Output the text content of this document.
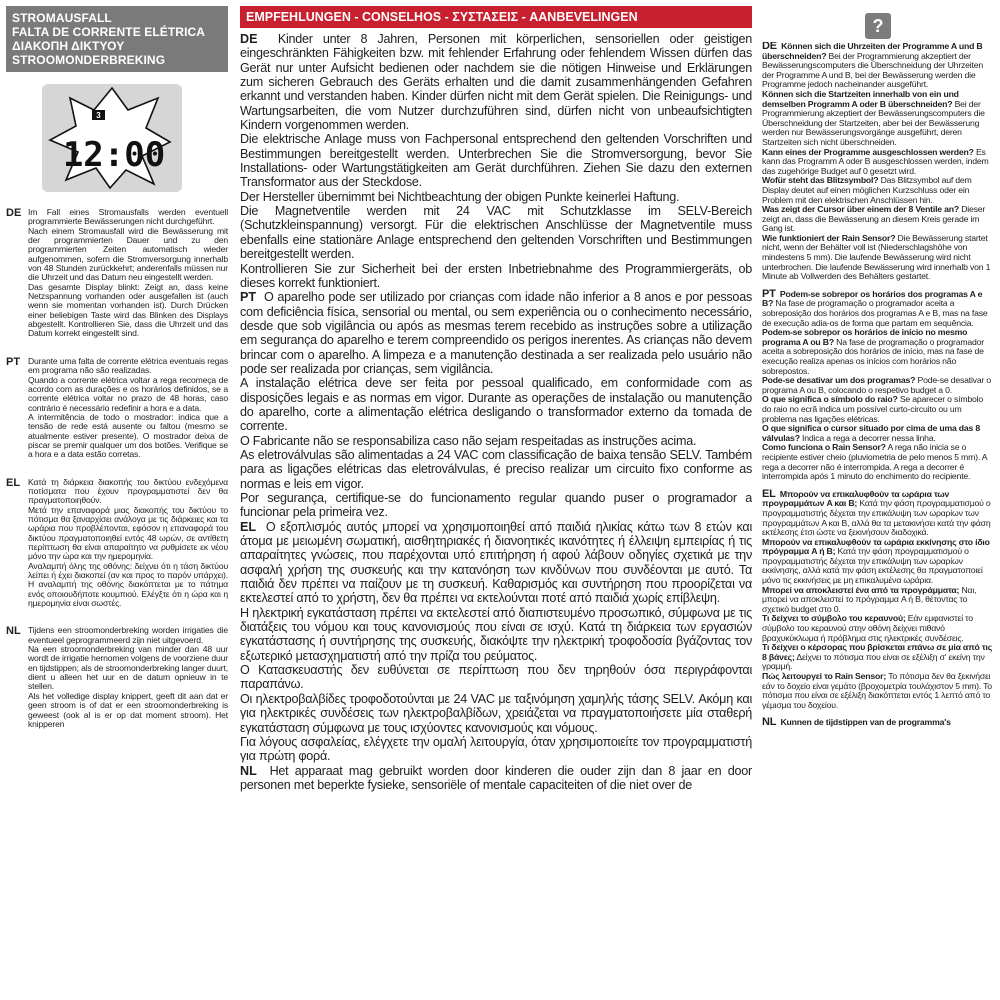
STROMAUSFALL
FALTA DE CORRENTE ELÉTRICA
ΔΙΑΚΟΠΗ ΔΙΚΤΥΟΥ
STROOMONDERBREKING
3
12:00
DE Im Fall eines Stromausfalls werden eventuell programmierte Bewässerungen nicht durchgeführt.

Nach einem Stromausfall wird die Bewässerung mit der programmierten Dauer und zu den programmierten Zeiten automatisch wieder aufgenommen, sofern die Stromversorgung innerhalb von 48 Stunden zurückkehrt; anderenfalls müssen nur die Uhrzeit und das Datum neu eingestellt werden.

Das gesamte Display blinkt: Zeigt an, dass keine Netzspannung vorhanden oder ausgefallen ist (auch wenn sie momentan vorhanden ist). Durch Drücken einer beliebigen Taste wird das Blinken des Displays abgestellt. Kontrollieren Sie, dass die Uhrzeit und das Datum korrekt eingestellt sind.

PT Durante uma falta de corrente elétrica eventuais regas em programa não são realizadas.

Quando a corrente elétrica voltar a rega recomeça de acordo com as durações e os horários definidos, se a corrente elétrica voltar no prazo de 48 horas, caso contrário é necessário redefinir a hora e a data.

A intermitência de todo o mostrador: indica que a tensão de rede está ausente ou faltou (mesmo se atualmente estiver presente). O mostrador deixa de piscar se premir qualquer um dos botões. Verifique se a hora e a data estão corretas.

EL Κατά τη διάρκεια διακοπής του δικτύου ενδεχόμενα ποτίσματα που έχουν προγραμματιστεί δεν θα πραγματοποιηθούν.

Μετά την επαναφορά μιας διακοπής του δικτύου το πότισμα θα ξαναρχίσει ανάλογα με τις διάρκειες και τα ωράρια που προβλέπονται, εφόσον η επαναφορά του δικτύου πραγματοποιηθεί εντός 48 ωρών, σε αντίθετη περίπτωση θα είναι απαραίτητο να ρυθμίσετε εκ νέου μόνο την ώρα και την ημερομηνία.

Αναλαμπή όλης της οθόνης: δείχνει ότι η τάση δικτύου λείπει ή έχει διακοπεί (αν και προς το παρόν υπάρχει). Η αναλαμπή της οθόνης διακόπτεται με το πάτημα ενός οποιουδήποτε κουμπιού. Ελέγξτε ότι η ώρα και η ημερομηνία είναι σωστές.

NL Tijdens een stroomonderbreking worden irrigaties die eventueel geprogrammeerd zijn niet uitgevoerd.

Na een stroomonderbreking van minder dan 48 uur wordt de irrigatie hernomen volgens de voorziene duur en tijdstippen; als de stroomonderbreking langer duurt, dient u alleen het uur en de datum opnieuw in te stellen.

Als het volledige display knippert, geeft dit aan dat er geen stroom is of dat er een stroomonderbreking is geweest (ook al is er op dat moment stroom). Het knipperen

EMPFEHLUNGEN - CONSELHOS - ΣΥΣΤΑΣΕΙΣ - AANBEVELINGEN

DE Kinder unter 8 Jahren, Personen mit körperlichen, sensoriellen oder geistigen eingeschränkten Fähigkeiten bzw. mit fehlender Erfahrung oder fehlendem Wissen dürfen das Gerät nur unter Aufsicht bedienen oder nachdem sie die nötigen Hinweise und Erklärungen zum sicheren Gebrauch des Geräts erhalten und die damit zusammenhängenden Gefahren erkannt und verstanden haben. Kinder dürfen nicht mit dem Gerät spielen. Die Reinigungs- und Wartungsarbeiten, die vom Nutzer durchzuführen sind, dürfen nicht von unbeaufsichtigten Kindern vorgenommen werden.

Die elektrische Anlage muss von Fachpersonal entsprechend den geltenden Vorschriften und Bestimmungen bereitgestellt werden. Unterbrechen Sie die Stromversorgung, bevor Sie Installations- oder Wartungstätigkeiten am Gerät durchführen. Ziehen Sie dazu den externen Transformator aus der Steckdose.

Der Hersteller übernimmt bei Nichtbeachtung der obigen Punkte keinerlei Haftung.

Die Magnetventile werden mit 24 VAC mit Schutzklasse im SELV-Bereich (Schutzkleinspannung) versorgt. Für die elektrischen Anschlüsse der Magnetventile muss ebenfalls eine stationäre Anlage entsprechend den geltenden Vorschriften und Bestimmungen bereitgestellt werden.

Kontrollieren Sie zur Sicherheit bei der ersten Inbetriebnahme des Programmiergeräts, ob dieses korrekt funktioniert.

PT O aparelho pode ser utilizado por crianças com idade não inferior a 8 anos e por pessoas com deficiência física, sensorial ou mental, ou sem experiência ou o conhecimento necessário, desde que sob vigilância ou após as mesmas terem recebido as instruções sobre a utilização em segurança do aparelho e terem compreendido os perigos inerentes. As crianças não devem brincar com o aparelho. A limpeza e a manutenção destinada a ser realizada pelo usuário não pode ser realizada por crianças, sem vigilância.

A instalação elétrica deve ser feita por pessoal qualificado, em conformidade com as disposições legais e as normas em vigor. Durante as operações de instalação ou manutenção do aparelho, corte a alimentação elétrica desligando o transformador externo da tomada de corrente.

O Fabricante não se responsabiliza caso não sejam respeitadas as instruções acima.

As eletroválvulas são alimentadas a 24 VAC com classificação de baixa tensão SELV. Também para as ligações elétricas das eletroválvulas, é preciso realizar um circuito fixo conforme as normas e leis em vigor.

Por segurança, certifique-se do funcionamento regular quando puser o programador a funcionar pela primeira vez.

EL Ο εξοπλισμός αυτός μπορεί να χρησιμοποιηθεί από παιδιά ηλικίας κάτω των 8 ετών και άτομα με μειωμένη σωματική, αισθητηριακές ή διανοητικές ικανότητες ή έλλειψη εμπειρίας ή τις απαραίτητες γνώσεις, που παρέχονται υπό επιτήρηση ή αφού λάβουν οδηγίες σχετικά με την ασφαλή χρήση της συσκευής και την κατανόηση των κινδύνων που συνδέονται με αυτό. Τα παιδιά δεν πρέπει να παίζουν με τη συσκευή. Καθαρισμός και συντήρηση που προορίζεται να εκτελεστεί από το χρήστη, δεν θα πρέπει να εκτελούνται ποτέ από παιδιά χωρίς επίβλεψη.

Η ηλεκτρική εγκατάσταση πρέπει να εκτελεστεί από διαπιστευμένο προσωπικό, σύμφωνα με τις διατάξεις του νόμου και τους κανονισμούς που είναι σε ισχύ. Κατά τη διάρκεια των εργασιών εγκατάστασης ή συντήρησης της συσκευής, διακόψτε την ηλεκτρική τροφοδοσία βγάζοντας τον εξωτερικό μετασχηματιστή από την πρίζα του ρεύματος.

Ο Κατασκευαστής δεν ευθύνεται σε περίπτωση που δεν τηρηθούν όσα περιγράφονται παραπάνω.

Οι ηλεκτροβαλβίδες τροφοδοτούνται με 24 VAC με ταξινόμηση χαμηλής τάσης SELV. Ακόμη και για ηλεκτρικές συνδέσεις των ηλεκτροβαλβίδων, χρειάζεται να πραγματοποιήσετε μία σταθερή εγκατάσταση σύμφωνα με τους ισχύοντες κανονισμούς και νόμους.

Για λόγους ασφαλείας, ελέγχετε την ομαλή λειτουργία, όταν χρησιμοποιείτε τον προγραμματιστή για πρώτη φορά.

NL Het apparaat mag gebruikt worden door kinderen die ouder zijn dan 8 jaar en door personen met beperkte fysieke, sensoriële of mentale capaciteiten of die niet over de

?

DE Können sich die Uhrzeiten der Programme A und B überschneiden? Bei der Programmierung akzeptiert der Bewässerungscomputers die Überschneidung der Uhrzeiten der Programme A und B, bei der Bewässerung werden die Programme jedoch nacheinander ausgeführt.

Können sich die Startzeiten innerhalb von ein und demselben Programm A oder B überschneiden? Bei der Programmierung akzeptiert der Bewässerungscomputers die Überschneidung der Startzeiten, aber bei der Bewässerung werden nur Bewässerungsvorgänge ausgeführt, deren Startzeiten sich nicht überschneiden.

Kann eines der Programme ausgeschlossen werden? Es kann das Programm A oder B ausgeschlossen werden, indem das zugehörige Budget auf 0 gesetzt wird.

Wofür steht das Blitzsymbol? Das Blitzsymbol auf dem Display deutet auf einen möglichen Kurzschluss oder ein Problem mit den elektrischen Anschlüssen hin.

Was zeigt der Cursor über einem der 8 Ventile an? Dieser zeigt an, dass die Bewässerung an diesem Kreis gerade im Gang ist.

Wie funktioniert der Rain Sensor? Die Bewässerung startet nicht, wenn der Behälter voll ist (Niederschlagshöhe von mindestens 5 mm). Die laufende Bewässerung wird nicht unterbrochen. Die laufende Bewässerung wird innerhalb von 1 Minute ab Vollwerden des Behälters gestartet.

PT Podem-se sobrepor os horários dos programas A e B? Na fase de programação o programador aceita a sobreposição dos horários dos programas A e B, mas na fase de execução adia-os de forma que partam em sequência.

Podem-se sobrepor os horários de início no mesmo programa A ou B? Na fase de programação o programador aceita a sobreposição dos horários de início, mas na fase de execução realiza apenas os inícios com horários não sobrepostos.

Pode-se desativar um dos programas? Pode-se desativar o programa A ou B, colocando o respetivo budget a 0.

O que significa o símbolo do raio? Se aparecer o símbolo do raio no ecrã indica um possível curto-circuito ou um problema nas ligações elétricas.

O que significa o cursor situado por cima de uma das 8 válvulas? Indica a rega a decorrer nessa linha.

Como funciona o Rain Sensor? A rega não inicia se o recipiente estiver cheio (pluviometria de pelo menos 5 mm). A rega a decorrer não é interrompida. A rega a decorrer é interrompida após 1 minuto do enchimento do recipiente.

EL Μπορούν να επικαλυφθούν τα ωράρια των προγραμμάτων A και B; Κατά την φάση προγραμματισμού ο προγραμματιστής δέχεται την επικάλυψη των ωραρίων των προγραμμάτων A και B, αλλά θα τα μετακινήσει κατά την φάση εκτέλεσης έτσι ώστε να ξεκινήσουν διαδοχικά.

Μπορούν να επικαλυφθούν τα ωράρια εκκίνησης στο ίδιο πρόγραμμα A ή B; Κατά την φάση προγραμματισμού ο προγραμματιστής δέχεται την επικάλυψη των ωραρίων εκκίνησης, αλλά κατά την φάση εκτέλεσης θα πραγματοποιεί μόνο τις εκκινήσεις με μη επικαλυμένα ωράρια.

Μπορεί να αποκλειστεί ένα από τα προγράμματα; Ναι, μπορεί να αποκλειστεί το πρόγραμμα A ή B, θέτοντας το σχετικό budget στο 0.

Τι δείχνει το σύμβολο του κεραυνού; Εάν εμφανιστεί το σύμβολο του κεραυνού στην οθόνη δείχνει πιθανό βραχυκύκλωμα ή πρόβλημα στις ηλεκτρικές συνδέσεις.

Τι δείχνει ο κέρσορας που βρίσκεται επάνω σε μία από τις 8 βάνες; Δείχνει το πότισμα που είναι σε εξέλιξη σ' εκείνη την γραμμή.

Πώς λειτουργεί το Rain Sensor; Το πότισμα δεν θα ξεκινήσει εάν το δοχείο είναι γεμάτο (βροχομετρία τουλάχιστον 5 mm). Το πότισμα που είναι σε εξέλιξη διακόπτεται εντός 1 λεπτό από το γέμισμα του δοχείου.

NL Kunnen de tijdstippen van de programma's
